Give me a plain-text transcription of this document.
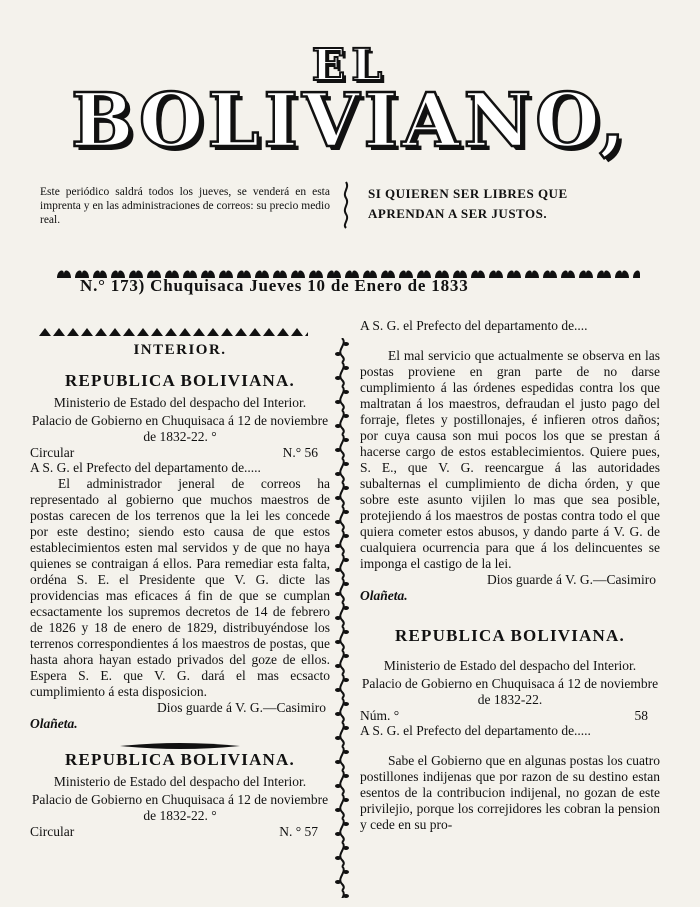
EL
BOLIVIANO,
Este periódico saldrá todos los jueves, se venderá en esta imprenta y en las administraciones de correos: su precio medio real.
SI QUIEREN SER LIBRES QUE
APRENDAN A SER JUSTOS.
N.° 173) Chuquisaca Jueves 10 de Enero de 1833
INTERIOR.
REPUBLICA BOLIVIANA.
Ministerio de Estado del despacho del Interior.
Palacio de Gobierno en Chuquisaca á 12 de noviembre de 1832-22. °
Circular	N.° 56
A S. G. el Prefecto del departamento de.....
El administrador jeneral de correos ha representado al gobierno que muchos maestros de postas carecen de los terrenos que la lei les concede por este destino; siendo esto causa de que estos establecimientos esten mal servidos y de que no haya quienes se contraigan á ellos. Para remediar esta falta, ordéna S. E. el Presidente que V. G. dicte las providencias mas eficaces á fin de que se cumplan ecsactamente los supremos decretos de 14 de febrero de 1826 y 18 de enero de 1829, distribuyéndose los terrenos correspondientes á los maestros de postas, que hasta ahora hayan estado privados del goze de ellos. Espera S. E. que V. G. dará el mas ecsacto cumplimiento á esta disposicion.
Dios guarde á V. G.—Casimiro
Olañeta.
REPUBLICA BOLIVIANA.
Ministerio de Estado del despacho del Interior.
Palacio de Gobierno en Chuquisaca á 12 de noviembre de 1832-22. °
Circular	N. ° 57
A S. G. el Prefecto del departamento de....
El mal servicio que actualmente se observa en las postas proviene en gran parte de no darse cumplimiento á las órdenes espedidas contra los que maltratan á los maestros, defraudan el justo pago del forraje, fletes y postillonajes, é infieren otros daños; por cuya causa son mui pocos los que se prestan á hacerse cargo de estos establecimientos. Quiere pues, S. E., que V. G. reencargue á las autoridades subalternas el cumplimiento de dicha órden, y que sobre este asunto vijilen lo mas que sea posible, protejiendo á los maestros de postas contra todo el que quiera cometer estos abusos, y dando parte á V. G. de cualquiera ocurrencia para que á los delincuentes se imponga el castigo de la lei.
Dios guarde á V. G.—Casimiro
Olañeta.
REPUBLICA BOLIVIANA.
Ministerio de Estado del despacho del Interior.
Palacio de Gobierno en Chuquisaca á 12 de noviembre de 1832-22.
Núm. °	58
A S. G. el Prefecto del departamento de.....
Sabe el Gobierno que en algunas postas los cuatro postillones indijenas que por razon de su destino estan esentos de la contribucion indijenal, no gozan de este privilejio, porque los correjidores les cobran la pension y cede en su pro-
